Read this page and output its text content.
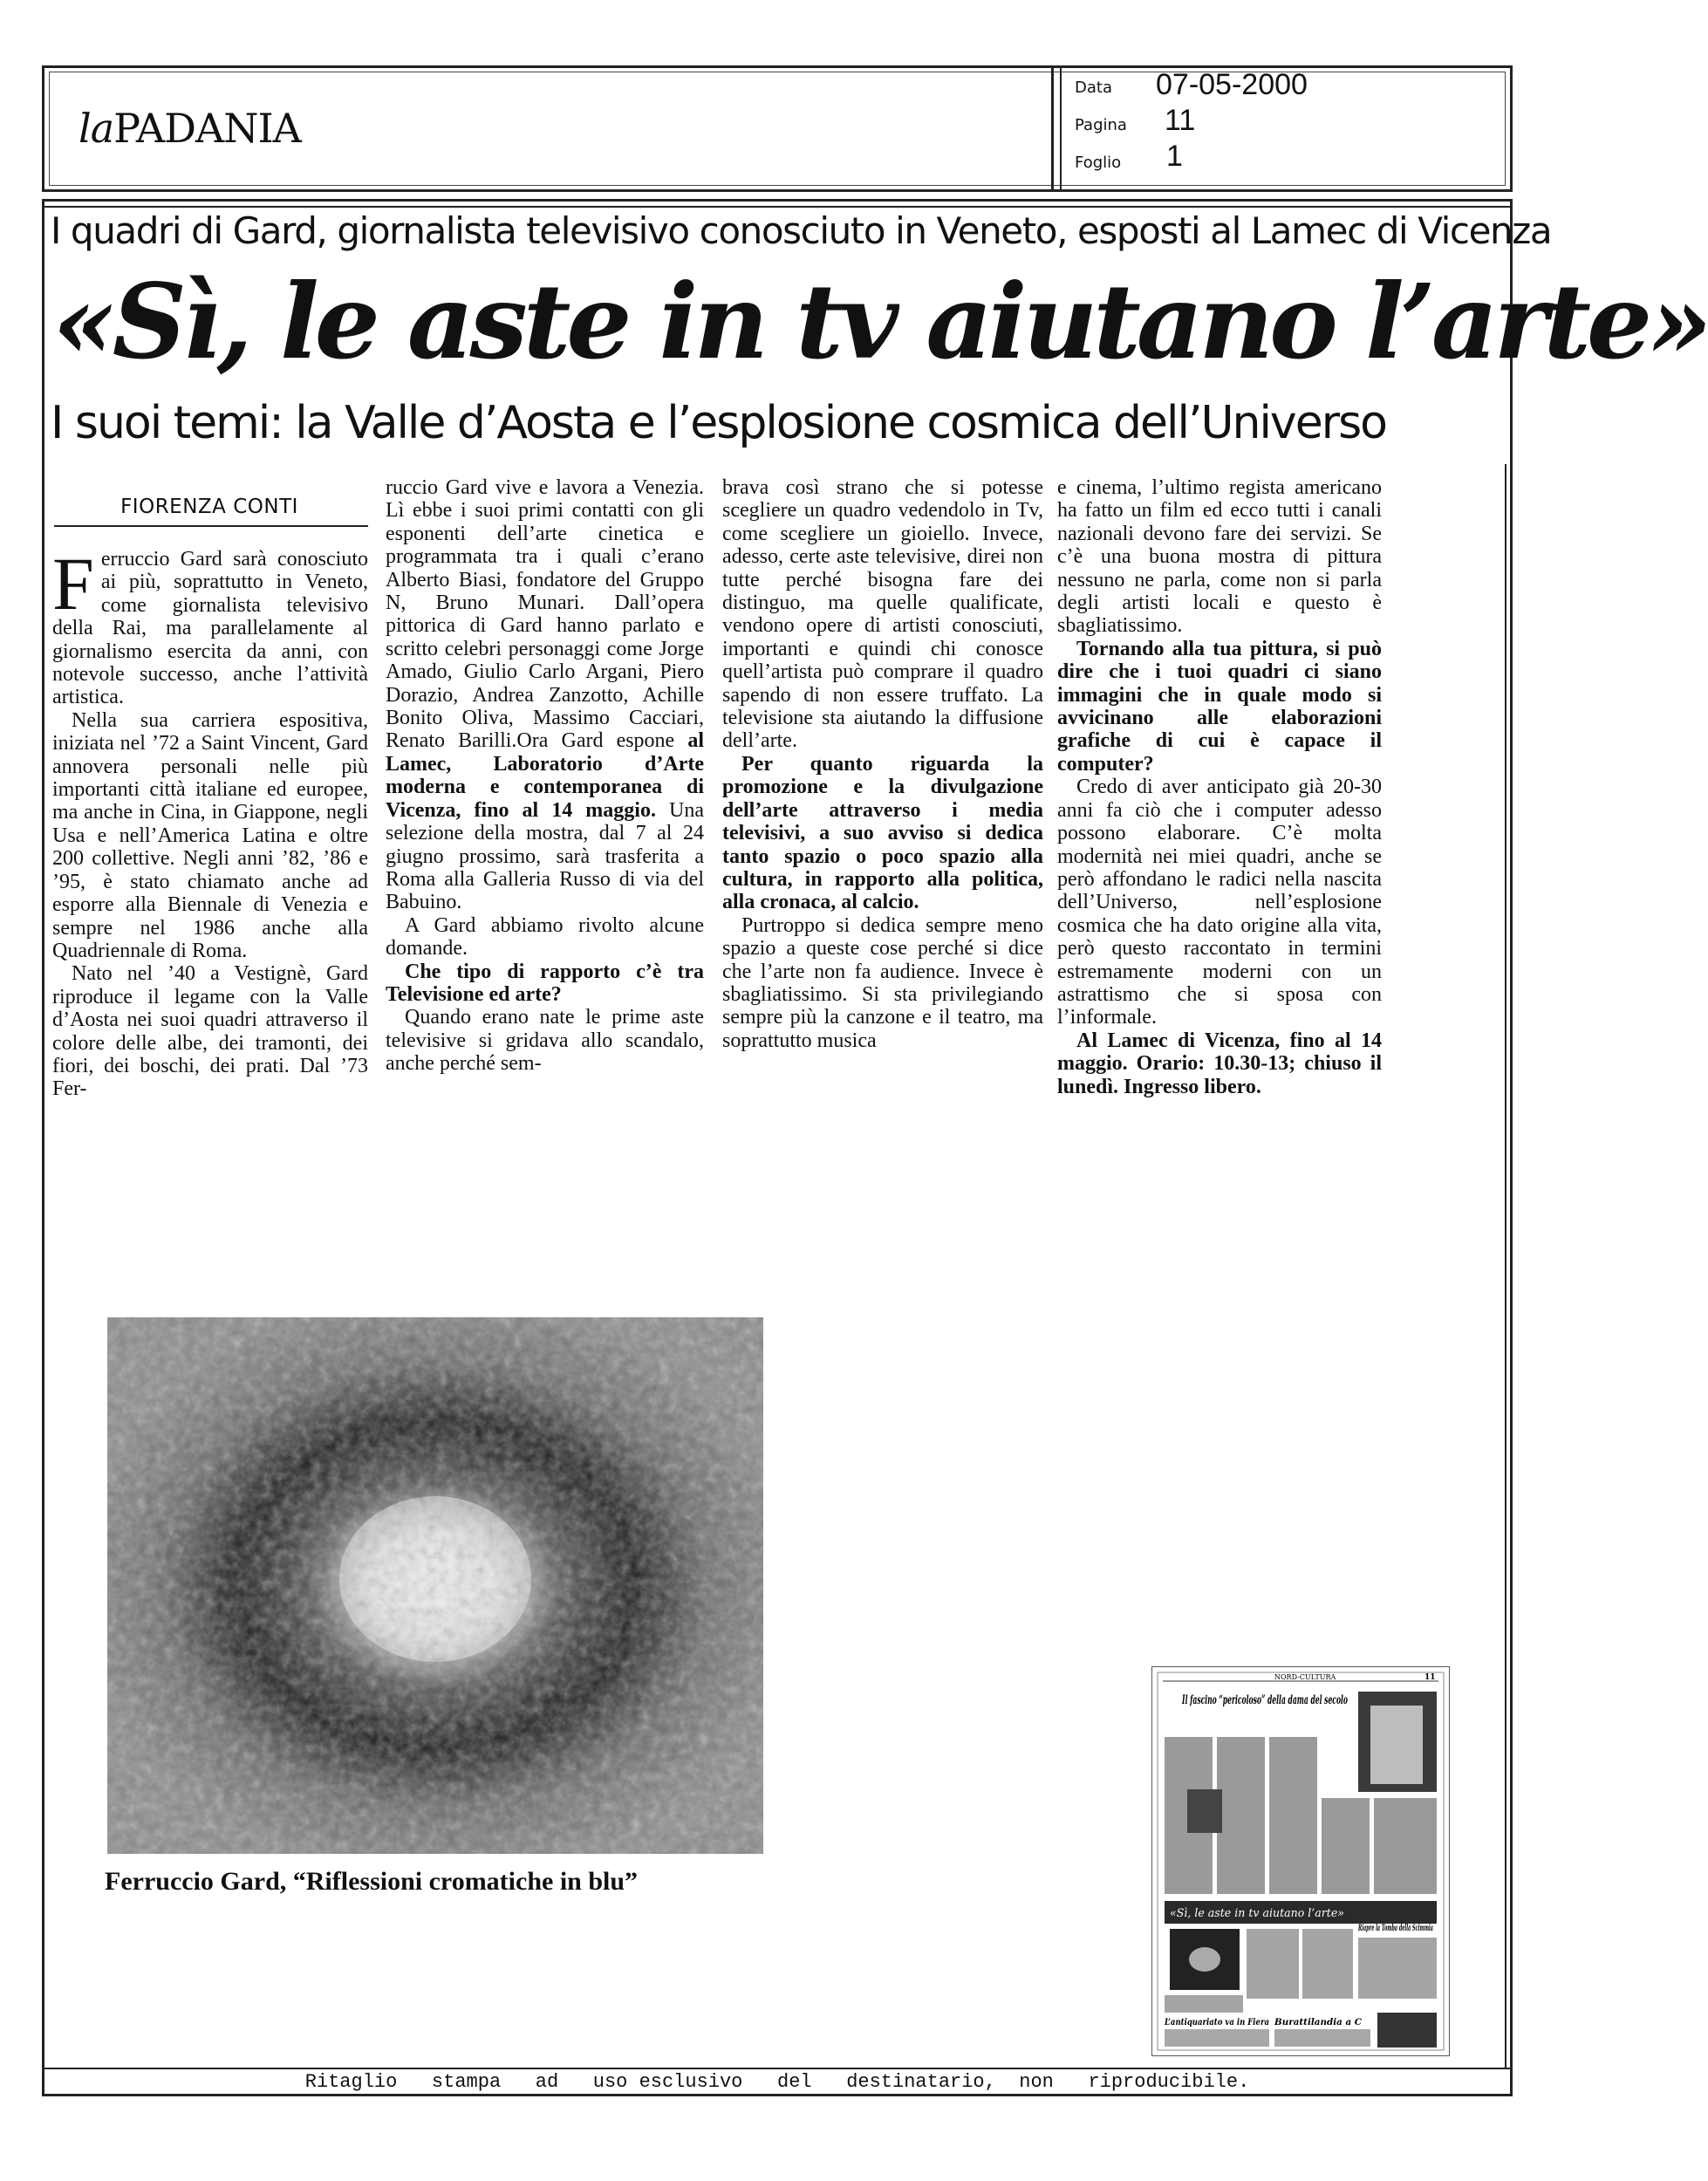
laPADANIA
Data 07-05-2000
Pagina 11
Foglio 1
I quadri di Gard, giornalista televisivo conosciuto in Veneto, esposti al Lamec di Vicenza
«Sì, le aste in tv aiutano l’arte»
I suoi temi: la Valle d’Aosta e l’esplosione cosmica dell’Universo
FIORENZA CONTI

Ferruccio Gard sarà conosciuto ai più, soprattutto in Veneto, come giornalista televisivo della Rai, ma parallelamente al giornalismo esercita da anni, con notevole successo, anche l’attività artistica.

Nella sua carriera espositiva, iniziata nel ’72 a Saint Vincent, Gard annovera personali nelle più importanti città italiane ed europee, ma anche in Cina, in Giappone, negli Usa e nell’America Latina e oltre 200 collettive. Negli anni ’82, ’86 e ’95, è stato chiamato anche ad esporre alla Biennale di Venezia e sempre nel 1986 anche alla Quadriennale di Roma.

Nato nel ’40 a Vestignè, Gard riproduce il legame con la Valle d’Aosta nei suoi quadri attraverso il colore delle albe, dei tramonti, dei fiori, dei boschi, dei prati. Dal ’73 Fer-

ruccio Gard vive e lavora a Venezia. Lì ebbe i suoi primi contatti con gli esponenti dell’arte cinetica e programmata tra i quali c’erano Alberto Biasi, fondatore del Gruppo N, Bruno Munari. Dall’opera pittorica di Gard hanno parlato e scritto celebri personaggi come Jorge Amado, Giulio Carlo Argani, Piero Dorazio, Andrea Zanzotto, Achille Bonito Oliva, Massimo Cacciari, Renato Barilli.Ora Gard espone al Lamec, Laboratorio d’Arte moderna e contemporanea di Vicenza, fino al 14 maggio. Una selezione della mostra, dal 7 al 24 giugno prossimo, sarà trasferita a Roma alla Galleria Russo di via del Babuino.

A Gard abbiamo rivolto alcune domande.

Che tipo di rapporto c’è tra Televisione ed arte?

Quando erano nate le prime aste televisive si gridava allo scandalo, anche perché sem-

brava così strano che si potesse scegliere un quadro vedendolo in Tv, come scegliere un gioiello. Invece, adesso, certe aste televisive, direi non tutte perché bisogna fare dei distinguo, ma quelle qualificate, vendono opere di artisti conosciuti, importanti e quindi chi conosce quell’artista può comprare il quadro sapendo di non essere truffato. La televisione sta aiutando la diffusione dell’arte.

Per quanto riguarda la promozione e la divulgazione dell’arte attraverso i media televisivi, a suo avviso si dedica tanto spazio o poco spazio alla cultura, in rapporto alla politica, alla cronaca, al calcio.

Purtroppo si dedica sempre meno spazio a queste cose perché si dice che l’arte non fa audience. Invece è sbagliatissimo. Si sta privilegiando sempre più la canzone e il teatro, ma soprattutto musica

e cinema, l’ultimo regista americano ha fatto un film ed ecco tutti i canali nazionali devono fare dei servizi. Se c’è una buona mostra di pittura nessuno ne parla, come non si parla degli artisti locali e questo è sbagliatissimo.

Tornando alla tua pittura, si può dire che i tuoi quadri ci siano immagini che in quale modo si avvicinano alle elaborazioni grafiche di cui è capace il computer?

Credo di aver anticipato già 20-30 anni fa ciò che i computer adesso possono elaborare. C’è molta modernità nei miei quadri, anche se però affondano le radici nella nascita dell’Universo, nell’esplosione cosmica che ha dato origine alla vita, però questo raccontato in termini estremamente moderni con un astrattismo che si sposa con l’informale.

Al Lamec di Vicenza, fino al 14 maggio. Orario: 10.30-13; chiuso il lunedì. Ingresso libero.

Ferruccio Gard, “Riflessioni cromatiche in blu”
NORD-CULTURA	11
Il fascino “pericoloso” della dama del secolo
«Sì, le aste in tv aiutano l’arte»
Riapre la Tomba della Scimmia
L’antiquariato va in Fiera Burattilandia a C
Ritaglio   stampa   ad   uso esclusivo   del   destinatario,  non   riproducibile.
